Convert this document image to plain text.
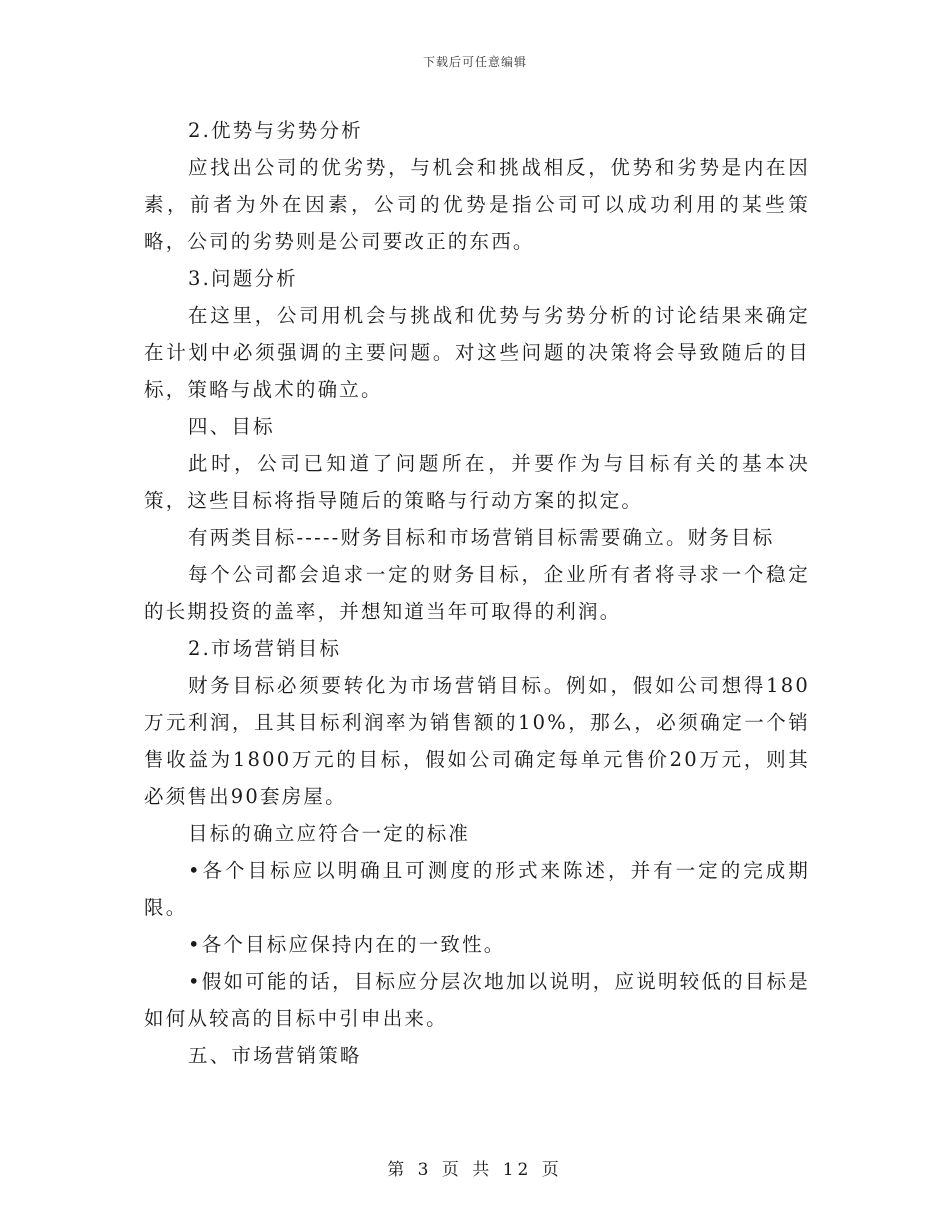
下载后可任意编辑

2.优势与劣势分析

应找出公司的优劣势，与机会和挑战相反，优势和劣势是内在因素，前者为外在因素，公司的优势是指公司可以成功利用的某些策略，公司的劣势则是公司要改正的东西。

3.问题分析

在这里，公司用机会与挑战和优势与劣势分析的讨论结果来确定在计划中必须强调的主要问题。对这些问题的决策将会导致随后的目标，策略与战术的确立。

四、目标

此时，公司已知道了问题所在，并要作为与目标有关的基本决策，这些目标将指导随后的策略与行动方案的拟定。

有两类目标-----财务目标和市场营销目标需要确立。财务目标

每个公司都会追求一定的财务目标，企业所有者将寻求一个稳定的长期投资的盖率，并想知道当年可取得的利润。

2.市场营销目标

财务目标必须要转化为市场营销目标。例如，假如公司想得180万元利润，且其目标利润率为销售额的10%，那么，必须确定一个销售收益为1800万元的目标，假如公司确定每单元售价20万元，则其必须售出90套房屋。

目标的确立应符合一定的标准

•各个目标应以明确且可测度的形式来陈述，并有一定的完成期限。

•各个目标应保持内在的一致性。

•假如可能的话，目标应分层次地加以说明，应说明较低的目标是如何从较高的目标中引申出来。

五、市场营销策略

第 3 页 共 12 页
